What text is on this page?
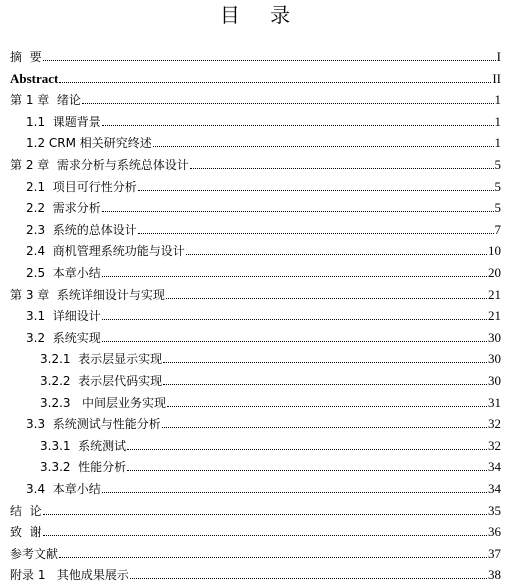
目 录
摘  要	I
Abstract	II
第 1 章  绪论	1
1.1  课题背景	1
1.2 CRM 相关研究终述	1
第 2 章  需求分析与系统总体设计	5
2.1  项目可行性分析	5
2.2  需求分析	5
2.3  系统的总体设计	7
2.4  商机管理系统功能与设计	10
2.5  本章小结	20
第 3 章  系统详细设计与实现	21
3.1  详细设计	21
3.2  系统实现	30
3.2.1  表示层显示实现	30
3.2.2  表示层代码实现	30
3.2.3   中间层业务实现	31
3.3  系统测试与性能分析	32
3.3.1  系统测试	32
3.3.2  性能分析	34
3.4  本章小结	34
结  论	35
致  谢	36
参考文献	37
附录 1   其他成果展示	38
